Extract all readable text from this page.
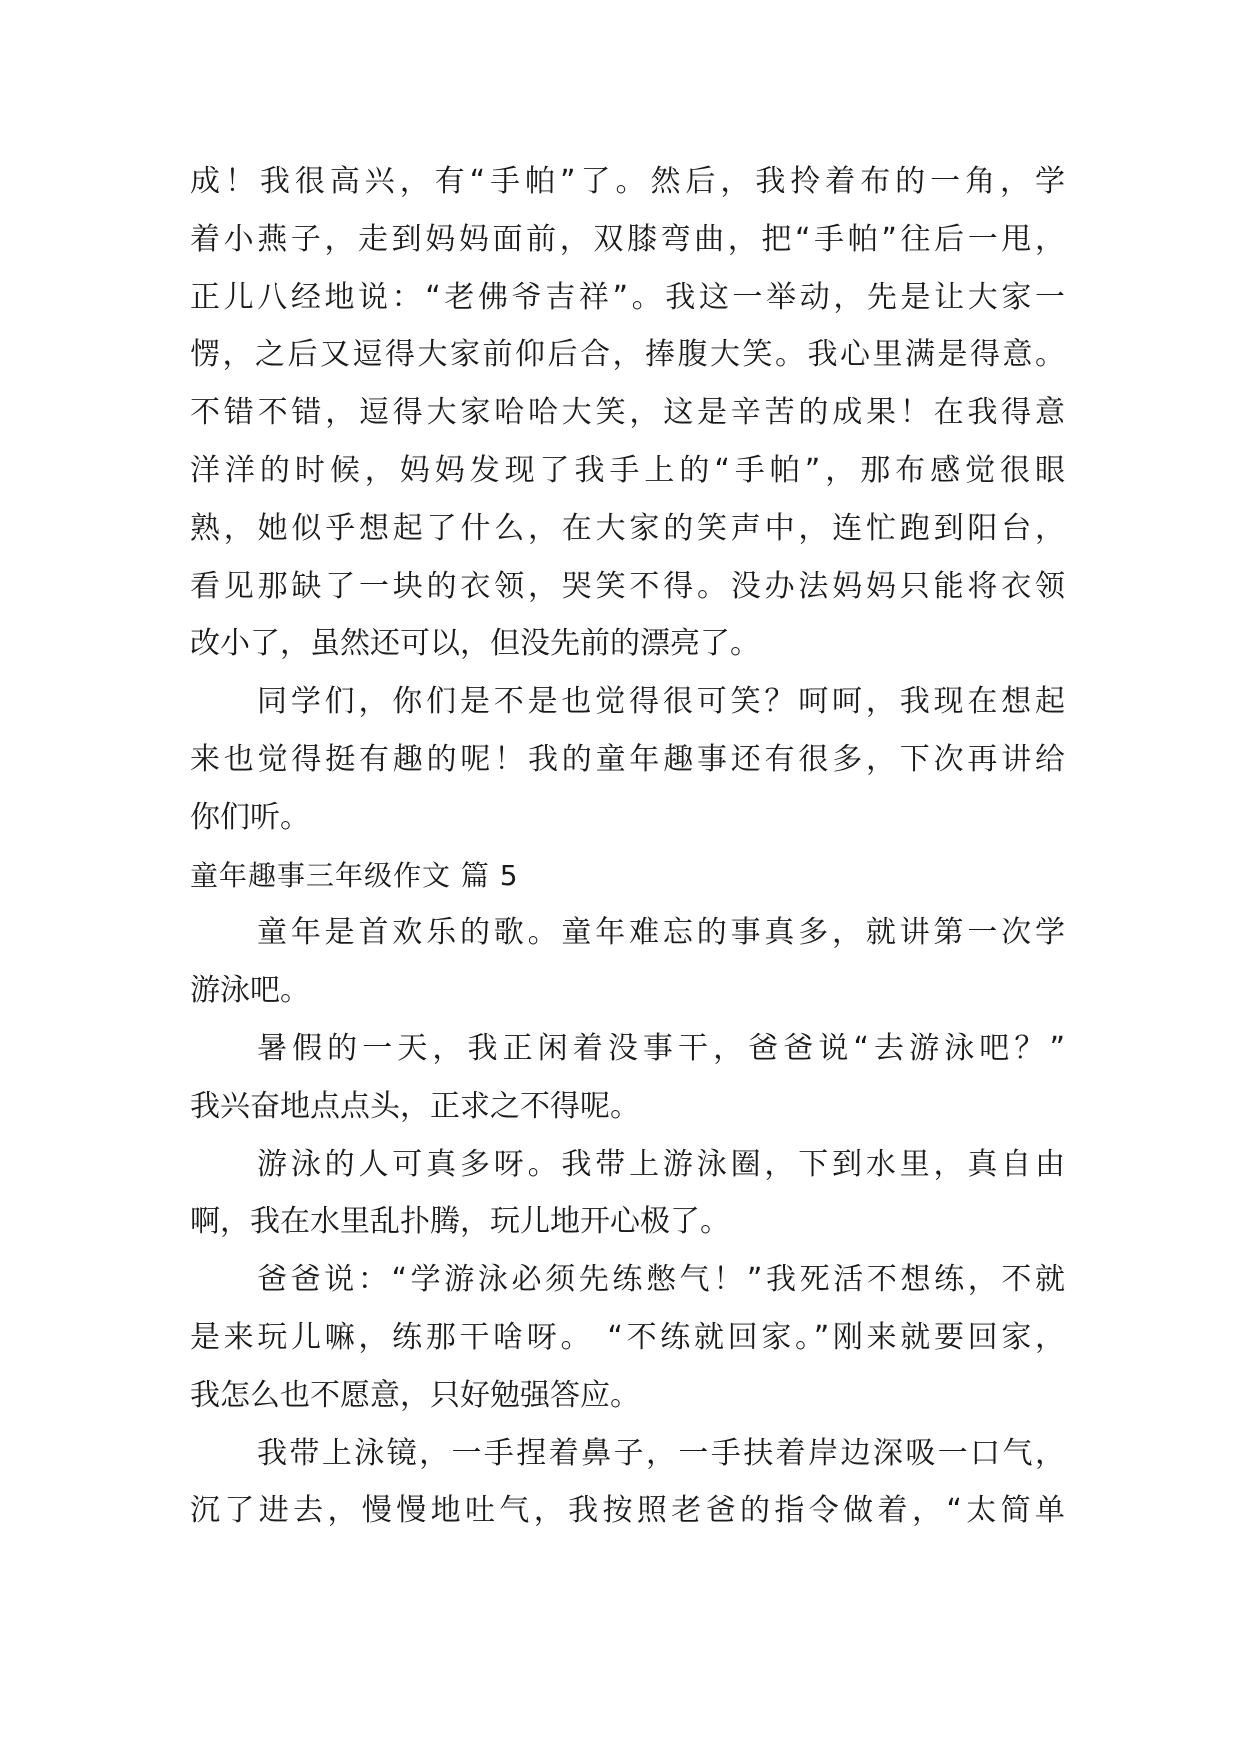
成！我很高兴，有“手帕”了。然后，我拎着布的一角，学
着小燕子，走到妈妈面前，双膝弯曲，把“手帕”往后一甩，
正儿八经地说：“老佛爷吉祥”。我这一举动，先是让大家一
愣，之后又逗得大家前仰后合，捧腹大笑。我心里满是得意。
不错不错，逗得大家哈哈大笑，这是辛苦的成果！在我得意
洋洋的时候，妈妈发现了我手上的“手帕”，那布感觉很眼
熟，她似乎想起了什么，在大家的笑声中，连忙跑到阳台，
看见那缺了一块的衣领，哭笑不得。没办法妈妈只能将衣领
改小了，虽然还可以，但没先前的漂亮了。
同学们，你们是不是也觉得很可笑？呵呵，我现在想起
来也觉得挺有趣的呢！我的童年趣事还有很多，下次再讲给
你们听。
童年趣事三年级作文 篇 5
童年是首欢乐的歌。童年难忘的事真多，就讲第一次学
游泳吧。
暑假的一天，我正闲着没事干，爸爸说“去游泳吧？”
我兴奋地点点头，正求之不得呢。
游泳的人可真多呀。我带上游泳圈，下到水里，真自由
啊，我在水里乱扑腾，玩儿地开心极了。
爸爸说：“学游泳必须先练憋气！”我死活不想练，不就
是来玩儿嘛，练那干啥呀。 “不练就回家。”刚来就要回家，
我怎么也不愿意，只好勉强答应。
我带上泳镜，一手捏着鼻子，一手扶着岸边深吸一口气，
沉了进去，慢慢地吐气，我按照老爸的指令做着，“太简单
